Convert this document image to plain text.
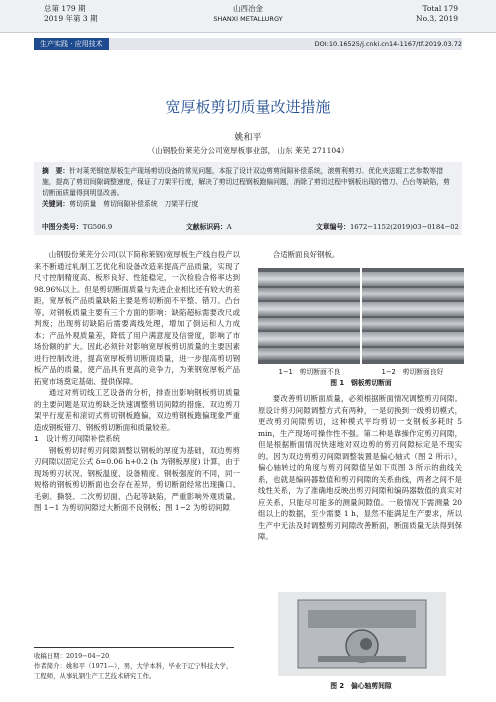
总第 179 期
2019 年第 3 期
山西冶金
SHANXI METALLURGY
Total 179
No.3, 2019
生产实践 · 应用技术	DOI:10.16525/j.cnki.cn14-1167/tf.2019.03.72
宽厚板剪切质量改进措施
姚和平
（山钢股份莱芜分公司宽厚板事业部， 山东 莱芜 271104）
摘　要：针对莱芜钢宽厚板生产现场剪切设备的常见问题，本报了设计双边剪剪间隙补偿系统，滚剪利剪刃、优化夹送辊工艺参数等措施，提高了剪切间隙调整速度，保证了刀架平行度，解决了剪切过程钢板跑偏问题，消除了剪切过程中钢板出现的错刀、凸台等缺陷，剪切断面质量得到明显改善。
关键词：剪切质量　剪切间隙补偿系统　刀架平行度
中图分类号：TG506.9	文献标识码：A	文章编号：1672−1152(2019)03−0184−02

山钢股份莱芜分公司(以下简称莱钢)宽厚板生产线自投产以来不断通过轧制工艺优化和设备改造来提高产品质量，实现了尺寸控制精度高、板形良好、性能稳定，一次检验合格率达到 98.96%以上。但是剪切断面质量与先进企业相比还有较大的差距，宽厚板产品质量缺陷主要是剪切断面不平整、错刀、凸台等。对钢板质量主要有三个方面的影响：缺陷超标需要改尺或判废；出现剪切缺陷后需要离线处理，增加了倒运和人力成本；产品外观质量差，降低了用户满意度及信誉度，影响了市场份额的扩大。因此必须针对影响宽厚板剪切质量的主要因素进行控制改进，提高宽厚板剪切断面质量，进一步提高剪切钢板产品的质量，使产品具有更高的竞争力，为莱钢宽厚板产品拓宽市场奠定基础、提供保障。

通过对剪切线工艺设备的分析，排查出影响钢板剪切质量的主要问题是双边剪缺乏快速调整剪切间隙的措施、双边剪刀架平行度差和滚切式剪切钢板跑偏，双边剪钢板跑偏现象严重造成钢板错刀、钢板剪切断面和质量较差。

1　设计剪刃间隙补偿系统

钢板剪切时剪刃间隙调整以钢板的厚度为基础，双边剪剪刃间隙以固定公式 δ=0.06 h+0.2 (h 为钢板厚度) 计算，由于现场剪刃状况、钢板温度、设备精度、钢板强度的不同，同一规格的钢板剪切断面也会存在差异，剪切断面经常出现撕口、毛刺、撕裂、二次剪切面、凸起等缺陷，严重影响外观质量。图 1−1 为剪切间隙过大断面不良钢板；图 1−2 为剪切间隙

收稿日期：2019−04−20
作者简介：姚和平（1971—），男，大学本科，毕业于辽宁科技大学，工程师，从事轧钢生产工艺技术研究工作。

合适断面良好钢板。

1−1　剪切断面不良	1−2　剪切断面良好
图 1　钢板剪切断面

要改善剪切断面质量，必须根据断面情况调整剪刃间隙。原设计剪刃间隙调整方式有两种，一是切换到一级剪切模式，更改剪刃间隙剪切，这种模式平均剪切一支钢板多耗时 5 min，生产现场可操作性不强。第二种是靠操作定剪刃间隙，但是根据断面情况快速地对双边剪的剪刃间隙标定是不现实的。因为双边剪剪刃间隙调整装置是偏心轴式（图 2 所示），偏心轴转过的角度与剪刃间隙值呈如下页图 3 所示的曲线关系，也就是编码器数值和剪刃间隙的关系曲线，两者之间不是线性关系，为了准确地反映出剪刃间隙和编码器数值的真实对应关系，只能尽可能多的测量间隙值。一般情况下需测量 20 组以上的数据，至少需要 1 h，显然不能满足生产要求，所以生产中无法及时调整剪刃间隙改善断面，断面质量无法得到保障。

图 2　偏心轴剪间隙
